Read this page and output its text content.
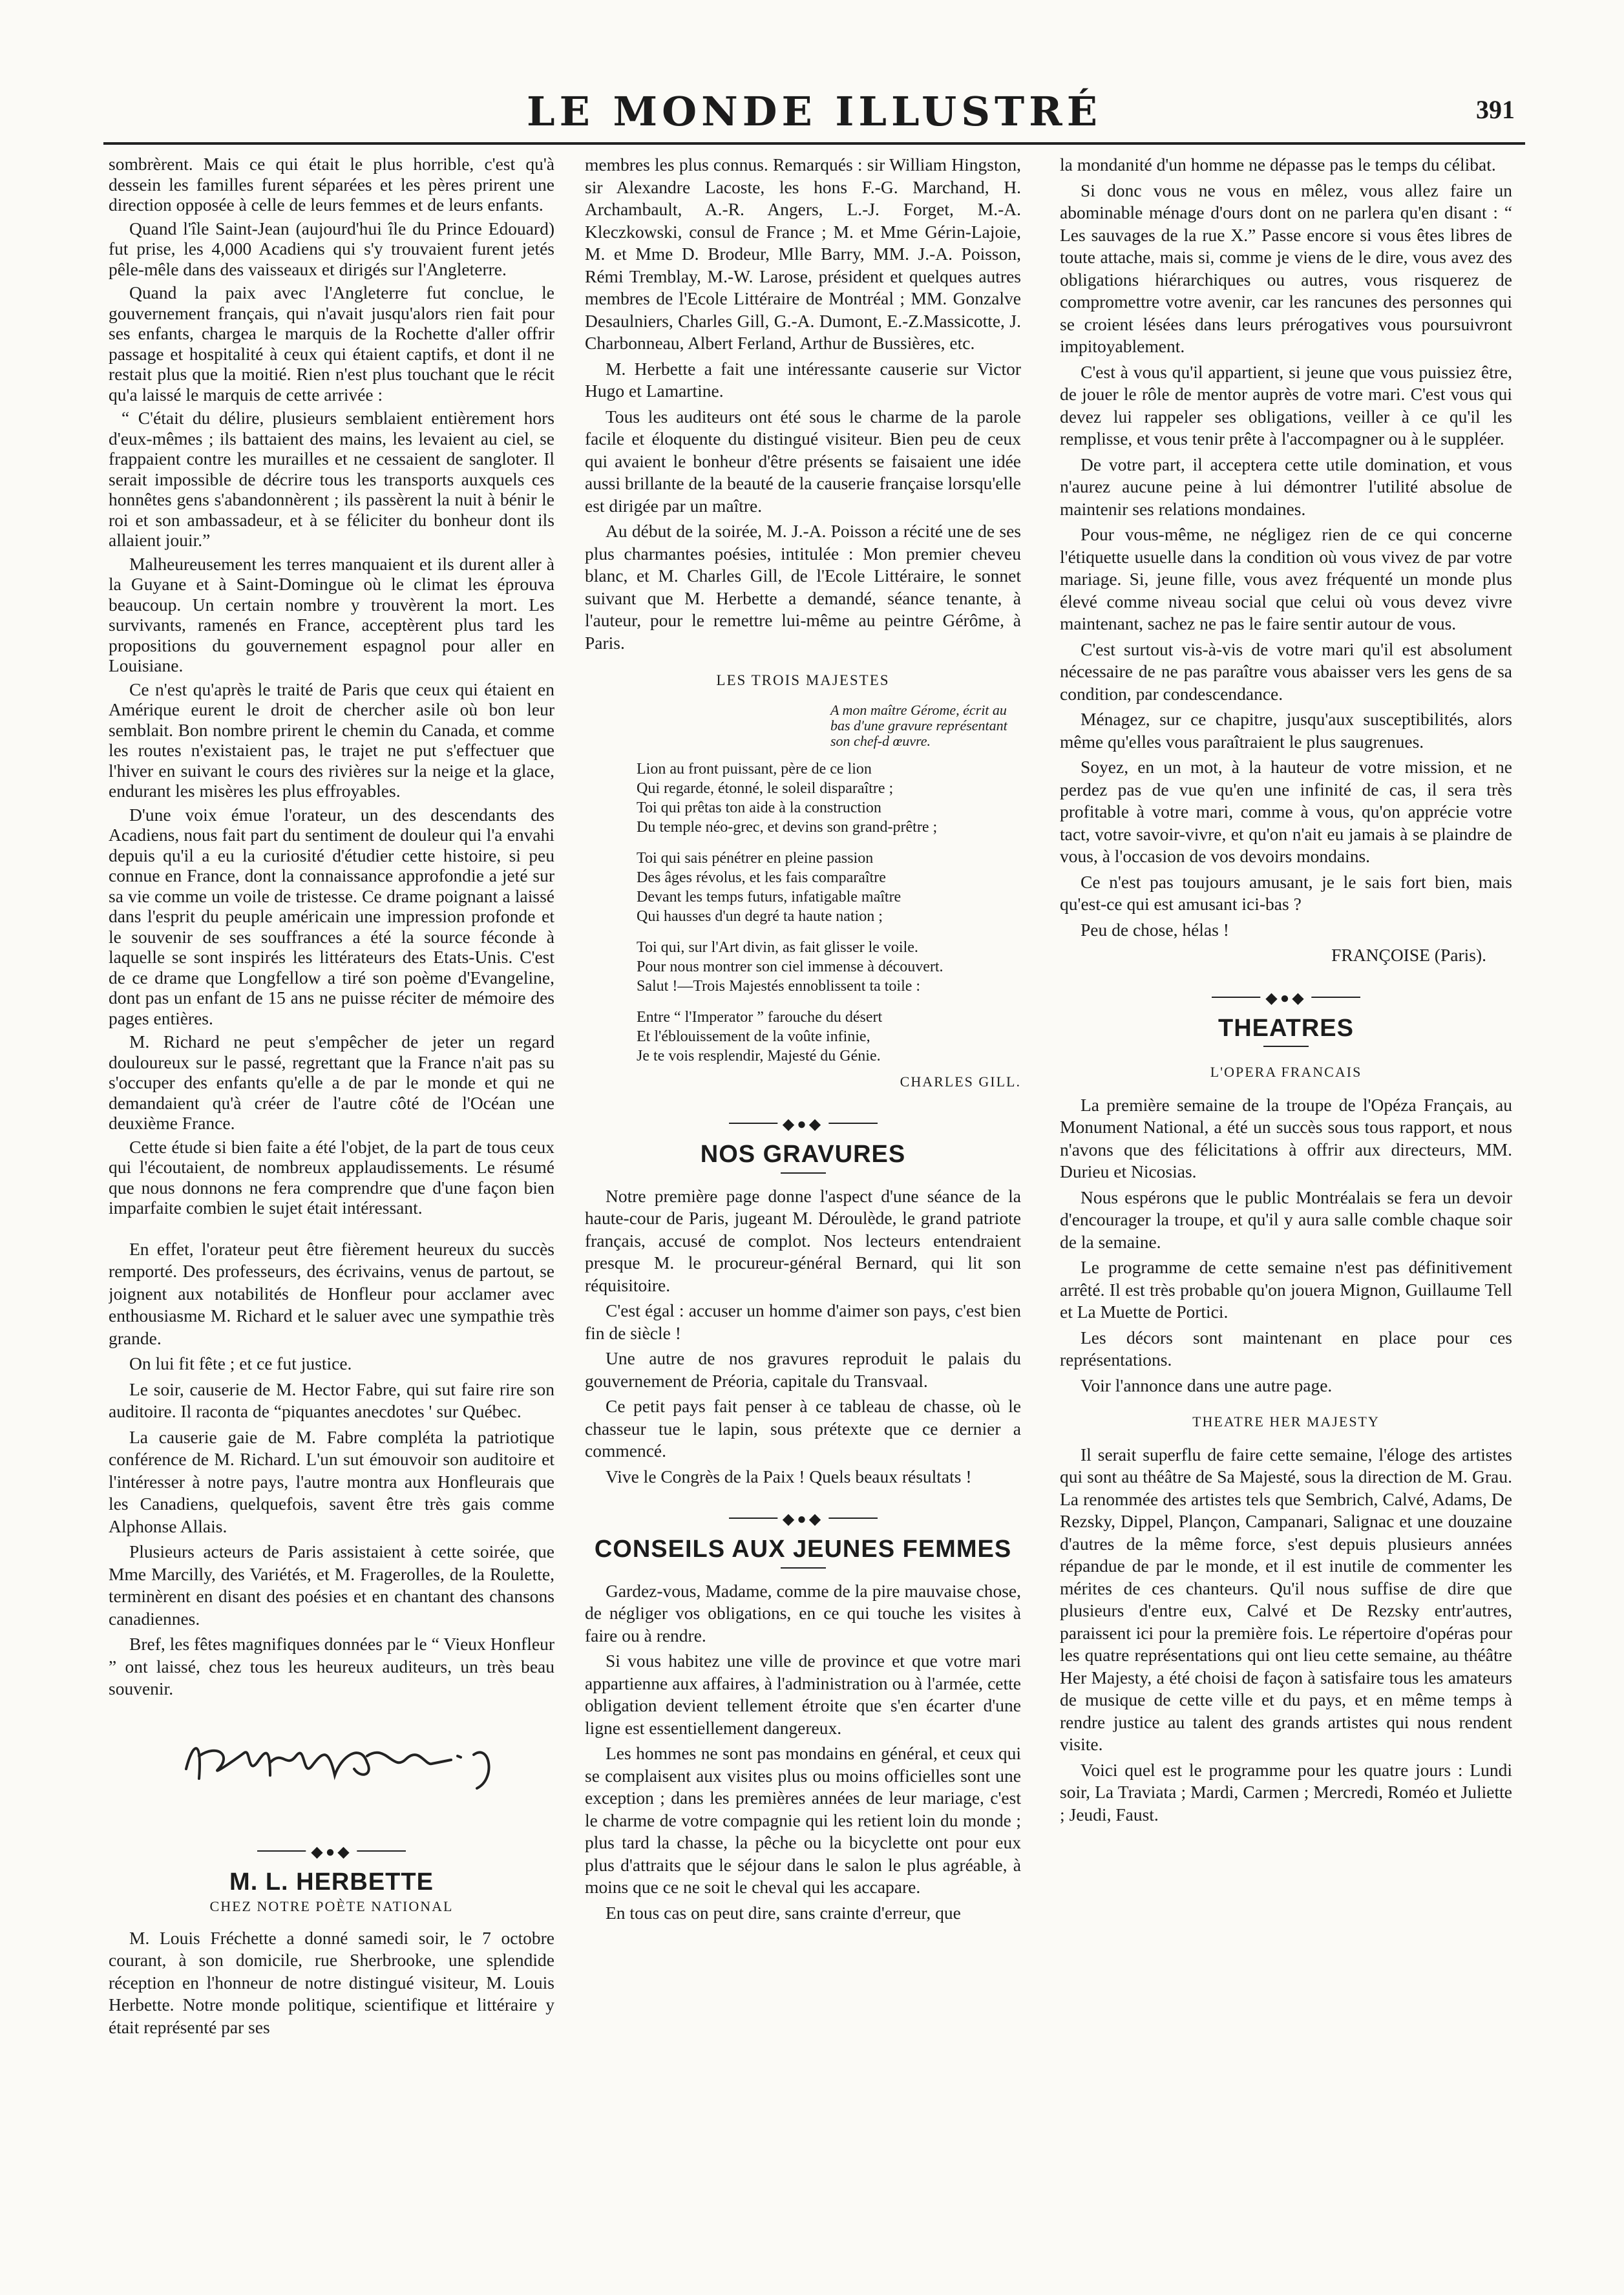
LE MONDE ILLUSTRÉ	391

sombrèrent. Mais ce qui était le plus horrible, c'est qu'à dessein les familles furent séparées et les pères prirent une direction opposée à celle de leurs femmes et de leurs enfants.

Quand l'île Saint-Jean (aujourd'hui île du Prince Edouard) fut prise, les 4,000 Acadiens qui s'y trouvaient furent jetés pêle-mêle dans des vaisseaux et dirigés sur l'Angleterre.

Quand la paix avec l'Angleterre fut conclue, le gouvernement français, qui n'avait jusqu'alors rien fait pour ses enfants, chargea le marquis de la Rochette d'aller offrir passage et hospitalité à ceux qui étaient captifs, et dont il ne restait plus que la moitié. Rien n'est plus touchant que le récit qu'a laissé le marquis de cette arrivée :

“ C'était du délire, plusieurs semblaient entièrement hors d'eux-mêmes ; ils battaient des mains, les levaient au ciel, se frappaient contre les murailles et ne cessaient de sangloter. Il serait impossible de décrire tous les transports auxquels ces honnêtes gens s'abandonnèrent ; ils passèrent la nuit à bénir le roi et son ambassadeur, et à se féliciter du bonheur dont ils allaient jouir.”

Malheureusement les terres manquaient et ils durent aller à la Guyane et à Saint-Domingue où le climat les éprouva beaucoup. Un certain nombre y trouvèrent la mort. Les survivants, ramenés en France, acceptèrent plus tard les propositions du gouvernement espagnol pour aller en Louisiane.

Ce n'est qu'après le traité de Paris que ceux qui étaient en Amérique eurent le droit de chercher asile où bon leur semblait. Bon nombre prirent le chemin du Canada, et comme les routes n'existaient pas, le trajet ne put s'effectuer que l'hiver en suivant le cours des rivières sur la neige et la glace, endurant les misères les plus effroyables.

D'une voix émue l'orateur, un des descendants des Acadiens, nous fait part du sentiment de douleur qui l'a envahi depuis qu'il a eu la curiosité d'étudier cette histoire, si peu connue en France, dont la connaissance approfondie a jeté sur sa vie comme un voile de tristesse. Ce drame poignant a laissé dans l'esprit du peuple américain une impression profonde et le souvenir de ses souffrances a été la source féconde à laquelle se sont inspirés les littérateurs des Etats-Unis. C'est de ce drame que Longfellow a tiré son poème d'Evangeline, dont pas un enfant de 15 ans ne puisse réciter de mémoire des pages entières.

M. Richard ne peut s'empêcher de jeter un regard douloureux sur le passé, regrettant que la France n'ait pas su s'occuper des enfants qu'elle a de par le monde et qui ne demandaient qu'à créer de l'autre côté de l'Océan une deuxième France.

Cette étude si bien faite a été l'objet, de la part de tous ceux qui l'écoutaient, de nombreux applaudissements. Le résumé que nous donnons ne fera comprendre que d'une façon bien imparfaite combien le sujet était intéressant.

En effet, l'orateur peut être fièrement heureux du succès remporté. Des professeurs, des écrivains, venus de partout, se joignent aux notabilités de Honfleur pour acclamer avec enthousiasme M. Richard et le saluer avec une sympathie très grande.

On lui fit fête ; et ce fut justice.

Le soir, causerie de M. Hector Fabre, qui sut faire rire son auditoire. Il raconta de “piquantes anecdotes ' sur Québec.

La causerie gaie de M. Fabre compléta la patriotique conférence de M. Richard. L'un sut émouvoir son auditoire et l'intéresser à notre pays, l'autre montra aux Honfleurais que les Canadiens, quelquefois, savent être très gais comme Alphonse Allais.

Plusieurs acteurs de Paris assistaient à cette soirée, que Mme Marcilly, des Variétés, et M. Fragerolles, de la Roulette, terminèrent en disant des poésies et en chantant des chansons canadiennes.

Bref, les fêtes magnifiques données par le “ Vieux Honfleur ” ont laissé, chez tous les heureux auditeurs, un très beau souvenir.

◆●◆
M. L. HERBETTE
CHEZ NOTRE POÈTE NATIONAL

M. Louis Fréchette a donné samedi soir, le 7 octobre courant, à son domicile, rue Sherbrooke, une splendide réception en l'honneur de notre distingué visiteur, M. Louis Herbette. Notre monde politique, scientifique et littéraire y était représenté par ses

membres les plus connus. Remarqués : sir William Hingston, sir Alexandre Lacoste, les hons F.-G. Marchand, H. Archambault, A.-R. Angers, L.-J. Forget, M.-A. Kleczkowski, consul de France ; M. et Mme Gérin-Lajoie, M. et Mme D. Brodeur, Mlle Barry, MM. J.-A. Poisson, Rémi Tremblay, M.-W. Larose, président et quelques autres membres de l'Ecole Littéraire de Montréal ; MM. Gonzalve Desaulniers, Charles Gill, G.-A. Dumont, E.-Z.Massicotte, J. Charbonneau, Albert Ferland, Arthur de Bussières, etc.

M. Herbette a fait une intéressante causerie sur Victor Hugo et Lamartine.

Tous les auditeurs ont été sous le charme de la parole facile et éloquente du distingué visiteur. Bien peu de ceux qui avaient le bonheur d'être présents se faisaient une idée aussi brillante de la beauté de la causerie française lorsqu'elle est dirigée par un maître.

Au début de la soirée, M. J.-A. Poisson a récité une de ses plus charmantes poésies, intitulée : Mon premier cheveu blanc, et M. Charles Gill, de l'Ecole Littéraire, le sonnet suivant que M. Herbette a demandé, séance tenante, à l'auteur, pour le remettre lui-même au peintre Gérôme, à Paris.

LES TROIS MAJESTES
A mon maître Gérome, écrit au bas d'une gravure représentant son chef-d œuvre.
Lion au front puissant, père de ce lion
Qui regarde, étonné, le soleil disparaître ;
Toi qui prêtas ton aide à la construction
Du temple néo-grec, et devins son grand-prêtre ;
Toi qui sais pénétrer en pleine passion
Des âges révolus, et les fais comparaître
Devant les temps futurs, infatigable maître
Qui hausses d'un degré ta haute nation ;
Toi qui, sur l'Art divin, as fait glisser le voile.
Pour nous montrer son ciel immense à découvert.
Salut !—Trois Majestés ennoblissent ta toile :
Entre “ l'Imperator ” farouche du désert
Et l'éblouissement de la voûte infinie,
Je te vois resplendir, Majesté du Génie.
CHARLES GILL.
◆●◆
NOS GRAVURES

Notre première page donne l'aspect d'une séance de la haute-cour de Paris, jugeant M. Déroulède, le grand patriote français, accusé de complot. Nos lecteurs entendraient presque M. le procureur-général Bernard, qui lit son réquisitoire.

C'est égal : accuser un homme d'aimer son pays, c'est bien fin de siècle !

Une autre de nos gravures reproduit le palais du gouvernement de Préoria, capitale du Transvaal.

Ce petit pays fait penser à ce tableau de chasse, où le chasseur tue le lapin, sous prétexte que ce dernier a commencé.

Vive le Congrès de la Paix ! Quels beaux résultats !

◆●◆
CONSEILS AUX JEUNES FEMMES

Gardez-vous, Madame, comme de la pire mauvaise chose, de négliger vos obligations, en ce qui touche les visites à faire ou à rendre.

Si vous habitez une ville de province et que votre mari appartienne aux affaires, à l'administration ou à l'armée, cette obligation devient tellement étroite que s'en écarter d'une ligne est essentiellement dangereux.

Les hommes ne sont pas mondains en général, et ceux qui se complaisent aux visites plus ou moins officielles sont une exception ; dans les premières années de leur mariage, c'est le charme de votre compagnie qui les retient loin du monde ; plus tard la chasse, la pêche ou la bicyclette ont pour eux plus d'attraits que le séjour dans le salon le plus agréable, à moins que ce ne soit le cheval qui les accapare.

En tous cas on peut dire, sans crainte d'erreur, que

la mondanité d'un homme ne dépasse pas le temps du célibat.

Si donc vous ne vous en mêlez, vous allez faire un abominable ménage d'ours dont on ne parlera qu'en disant : “ Les sauvages de la rue X.” Passe encore si vous êtes libres de toute attache, mais si, comme je viens de le dire, vous avez des obligations hiérarchiques ou autres, vous risquerez de compromettre votre avenir, car les rancunes des personnes qui se croient lésées dans leurs prérogatives vous poursuivront impitoyablement.

C'est à vous qu'il appartient, si jeune que vous puissiez être, de jouer le rôle de mentor auprès de votre mari. C'est vous qui devez lui rappeler ses obligations, veiller à ce qu'il les remplisse, et vous tenir prête à l'accompagner ou à le suppléer.

De votre part, il acceptera cette utile domination, et vous n'aurez aucune peine à lui démontrer l'utilité absolue de maintenir ses relations mondaines.

Pour vous-même, ne négligez rien de ce qui concerne l'étiquette usuelle dans la condition où vous vivez de par votre mariage. Si, jeune fille, vous avez fréquenté un monde plus élevé comme niveau social que celui où vous devez vivre maintenant, sachez ne pas le faire sentir autour de vous.

C'est surtout vis-à-vis de votre mari qu'il est absolument nécessaire de ne pas paraître vous abaisser vers les gens de sa condition, par condescendance.

Ménagez, sur ce chapitre, jusqu'aux susceptibilités, alors même qu'elles vous paraîtraient le plus saugrenues.

Soyez, en un mot, à la hauteur de votre mission, et ne perdez pas de vue qu'en une infinité de cas, il sera très profitable à votre mari, comme à vous, qu'on apprécie votre tact, votre savoir-vivre, et qu'on n'ait eu jamais à se plaindre de vous, à l'occasion de vos devoirs mondains.

Ce n'est pas toujours amusant, je le sais fort bien, mais qu'est-ce qui est amusant ici-bas ?

Peu de chose, hélas !

FRANÇOISE (Paris).
◆●◆
THEATRES
L'OPERA FRANCAIS

La première semaine de la troupe de l'Opéza Français, au Monument National, a été un succès sous tous rapport, et nous n'avons que des félicitations à offrir aux directeurs, MM. Durieu et Nicosias.

Nous espérons que le public Montréalais se fera un devoir d'encourager la troupe, et qu'il y aura salle comble chaque soir de la semaine.

Le programme de cette semaine n'est pas définitivement arrêté. Il est très probable qu'on jouera Mignon, Guillaume Tell et La Muette de Portici.

Les décors sont maintenant en place pour ces représentations.

Voir l'annonce dans une autre page.

THEATRE HER MAJESTY

Il serait superflu de faire cette semaine, l'éloge des artistes qui sont au théâtre de Sa Majesté, sous la direction de M. Grau. La renommée des artistes tels que Sembrich, Calvé, Adams, De Rezsky, Dippel, Plançon, Campanari, Salignac et une douzaine d'autres de la même force, s'est depuis plusieurs années répandue de par le monde, et il est inutile de commenter les mérites de ces chanteurs. Qu'il nous suffise de dire que plusieurs d'entre eux, Calvé et De Rezsky entr'autres, paraissent ici pour la première fois. Le répertoire d'opéras pour les quatre représentations qui ont lieu cette semaine, au théâtre Her Majesty, a été choisi de façon à satisfaire tous les amateurs de musique de cette ville et du pays, et en même temps à rendre justice au talent des grands artistes qui nous rendent visite.

Voici quel est le programme pour les quatre jours : Lundi soir, La Traviata ; Mardi, Carmen ; Mercredi, Roméo et Juliette ; Jeudi, Faust.
